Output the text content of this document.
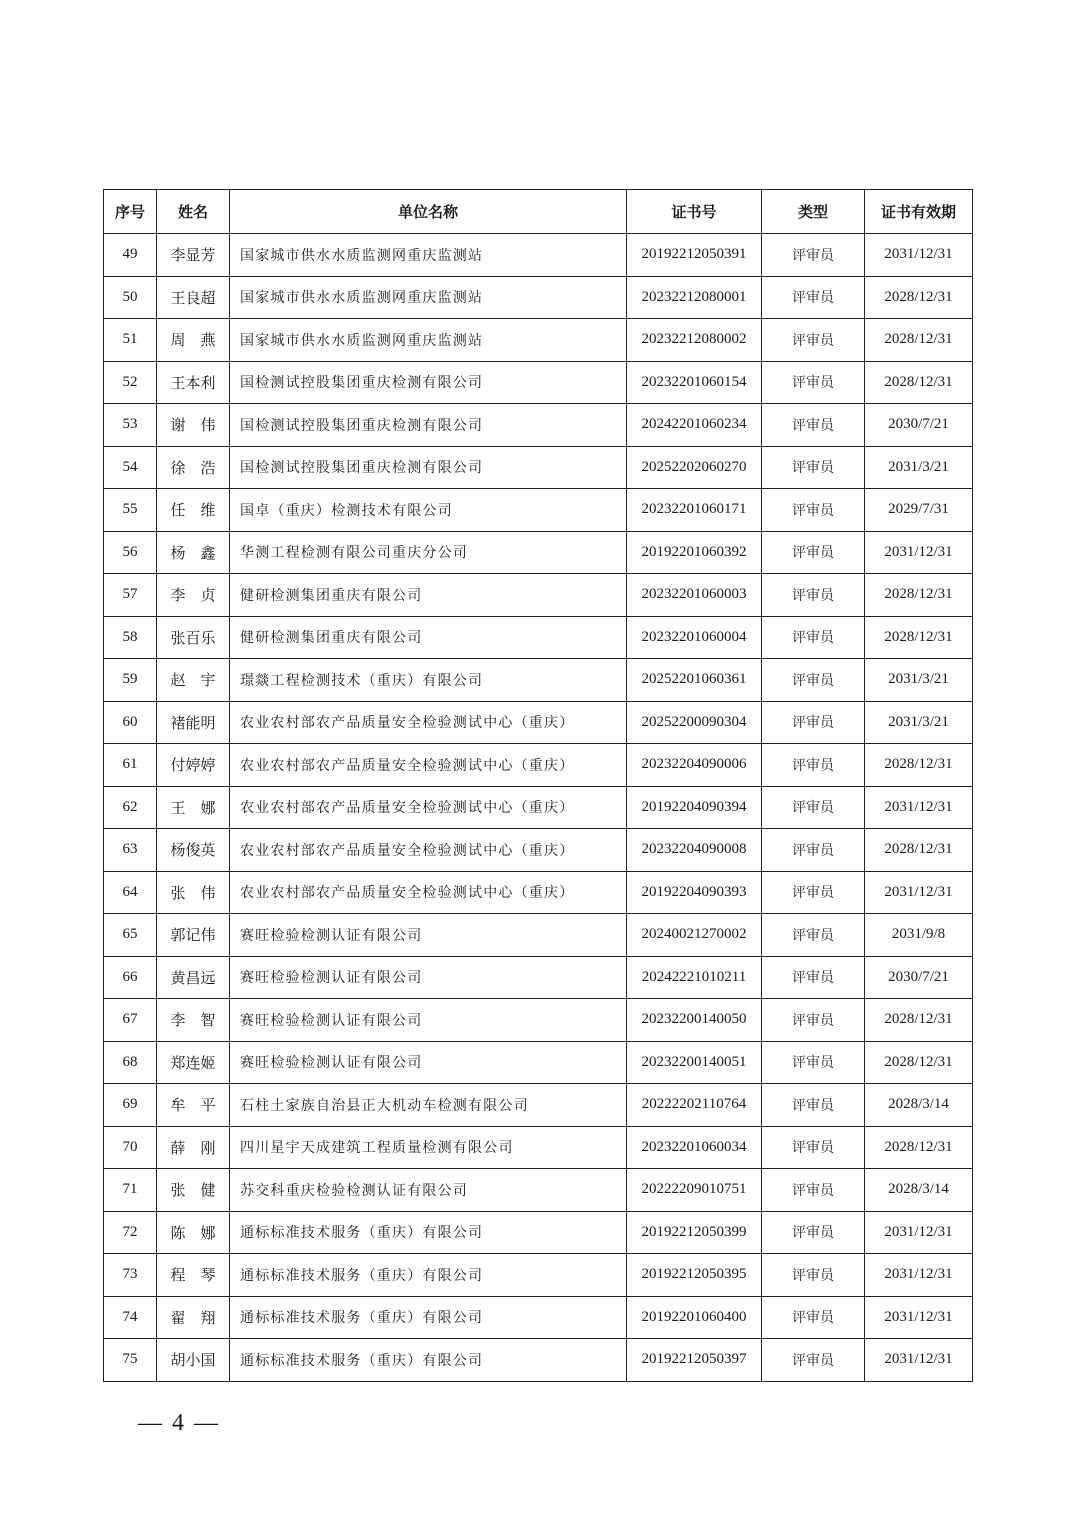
序号	姓名	单位名称	证书号	类型	证书有效期
49	李显芳	国家城市供水水质监测网重庆监测站	20192212050391	评审员	2031/12/31
50	王良超	国家城市供水水质监测网重庆监测站	20232212080001	评审员	2028/12/31
51	周　燕	国家城市供水水质监测网重庆监测站	20232212080002	评审员	2028/12/31
52	王本利	国检测试控股集团重庆检测有限公司	20232201060154	评审员	2028/12/31
53	谢　伟	国检测试控股集团重庆检测有限公司	20242201060234	评审员	2030/7/21
54	徐　浩	国检测试控股集团重庆检测有限公司	20252202060270	评审员	2031/3/21
55	任　维	国卓（重庆）检测技术有限公司	20232201060171	评审员	2029/7/31
56	杨　鑫	华测工程检测有限公司重庆分公司	20192201060392	评审员	2031/12/31
57	李　贞	健研检测集团重庆有限公司	20232201060003	评审员	2028/12/31
58	张百乐	健研检测集团重庆有限公司	20232201060004	评审员	2028/12/31
59	赵　宇	璟燚工程检测技术（重庆）有限公司	20252201060361	评审员	2031/3/21
60	褚能明	农业农村部农产品质量安全检验测试中心（重庆）	20252200090304	评审员	2031/3/21
61	付婷婷	农业农村部农产品质量安全检验测试中心（重庆）	20232204090006	评审员	2028/12/31
62	王　娜	农业农村部农产品质量安全检验测试中心（重庆）	20192204090394	评审员	2031/12/31
63	杨俊英	农业农村部农产品质量安全检验测试中心（重庆）	20232204090008	评审员	2028/12/31
64	张　伟	农业农村部农产品质量安全检验测试中心（重庆）	20192204090393	评审员	2031/12/31
65	郭记伟	赛旺检验检测认证有限公司	20240021270002	评审员	2031/9/8
66	黄昌远	赛旺检验检测认证有限公司	20242221010211	评审员	2030/7/21
67	李　智	赛旺检验检测认证有限公司	20232200140050	评审员	2028/12/31
68	郑连姬	赛旺检验检测认证有限公司	20232200140051	评审员	2028/12/31
69	牟　平	石柱土家族自治县正大机动车检测有限公司	20222202110764	评审员	2028/3/14
70	薛　刚	四川星宇天成建筑工程质量检测有限公司	20232201060034	评审员	2028/12/31
71	张　健	苏交科重庆检验检测认证有限公司	20222209010751	评审员	2028/3/14
72	陈　娜	通标标准技术服务（重庆）有限公司	20192212050399	评审员	2031/12/31
73	程　琴	通标标准技术服务（重庆）有限公司	20192212050395	评审员	2031/12/31
74	翟　翔	通标标准技术服务（重庆）有限公司	20192201060400	评审员	2031/12/31
75	胡小国	通标标准技术服务（重庆）有限公司	20192212050397	评审员	2031/12/31
— 4 —
